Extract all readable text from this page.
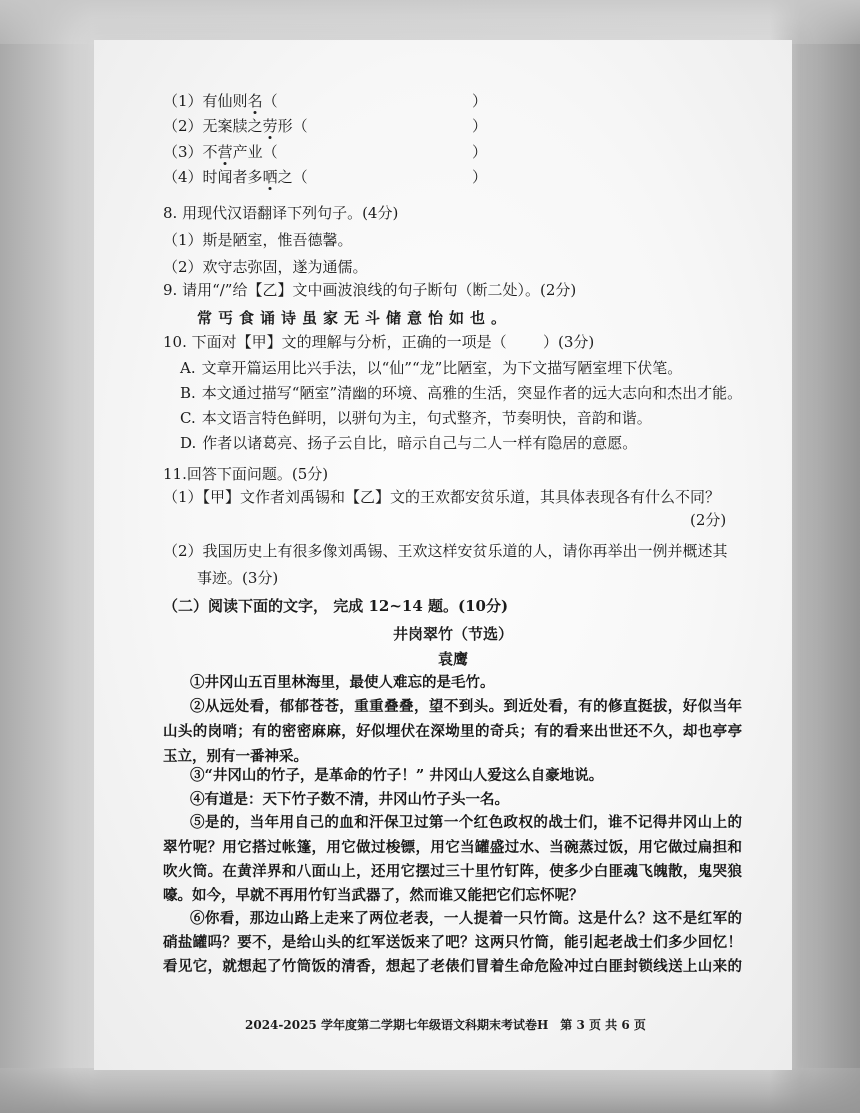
（1）有仙则名（	）
（2）无案牍之劳形（	）
（3）不营产业（	）
（4）时闻者多哂之（	）
8. 用现代汉语翻译下列句子。(4分)
（1）斯是陋室，惟吾德馨。
（2）欢守志弥固，遂为通儒。
9. 请用“/”给【乙】文中画波浪线的句子断句（断二处）。(2分)
常丐食诵诗虽家无斗储意怡如也。
10. 下面对【甲】文的理解与分析，正确的一项是（ ）(3分)
A. 文章开篇运用比兴手法，以“仙”“龙”比陋室，为下文描写陋室埋下伏笔。
B. 本文通过描写“陋室”清幽的环境、高雅的生活，突显作者的远大志向和杰出才能。
C. 本文语言特色鲜明，以骈句为主，句式整齐，节奏明快，音韵和谐。
D. 作者以诸葛亮、扬子云自比，暗示自己与二人一样有隐居的意愿。
11.回答下面问题。(5分)
（1）【甲】文作者刘禹锡和【乙】文的王欢都安贫乐道，其具体表现各有什么不同？
(2分)
（2）我国历史上有很多像刘禹锡、王欢这样安贫乐道的人，请你再举出一例并概述其
事迹。(3分)
（二）阅读下面的文字， 完成 12~14 题。(10分)
井岗翠竹（节选）
袁鹰
①井冈山五百里林海里，最使人难忘的是毛竹。
②从远处看，郁郁苍苍，重重叠叠，望不到头。到近处看，有的修直挺拔，好似当年
山头的岗哨；有的密密麻麻，好似埋伏在深坳里的奇兵；有的看来出世还不久，却也亭亭
玉立，别有一番神采。
③“井冈山的竹子，是革命的竹子！” 井冈山人爱这么自豪地说。
④有道是：天下竹子数不清，井冈山竹子头一名。
⑤是的，当年用自己的血和汗保卫过第一个红色政权的战士们，谁不记得井冈山上的
翠竹呢？用它搭过帐篷，用它做过梭镖，用它当罐盛过水、当碗蒸过饭，用它做过扁担和
吹火筒。在黄洋界和八面山上，还用它摆过三十里竹钉阵，使多少白匪魂飞魄散，鬼哭狼
嚎。如今，早就不再用竹钉当武器了，然而谁又能把它们忘怀呢？
⑥你看，那边山路上走来了两位老表，一人提着一只竹筒。这是什么？这不是红军的
硝盐罐吗？要不，是给山头的红军送饭来了吧？这两只竹筒，能引起老战士们多少回忆！
看见它，就想起了竹筒饭的清香，想起了老俵们冒着生命危险冲过白匪封锁线送上山来的
2024-2025 学年度第二学期七年级语文科期末考试卷H 第 3 页 共 6 页
